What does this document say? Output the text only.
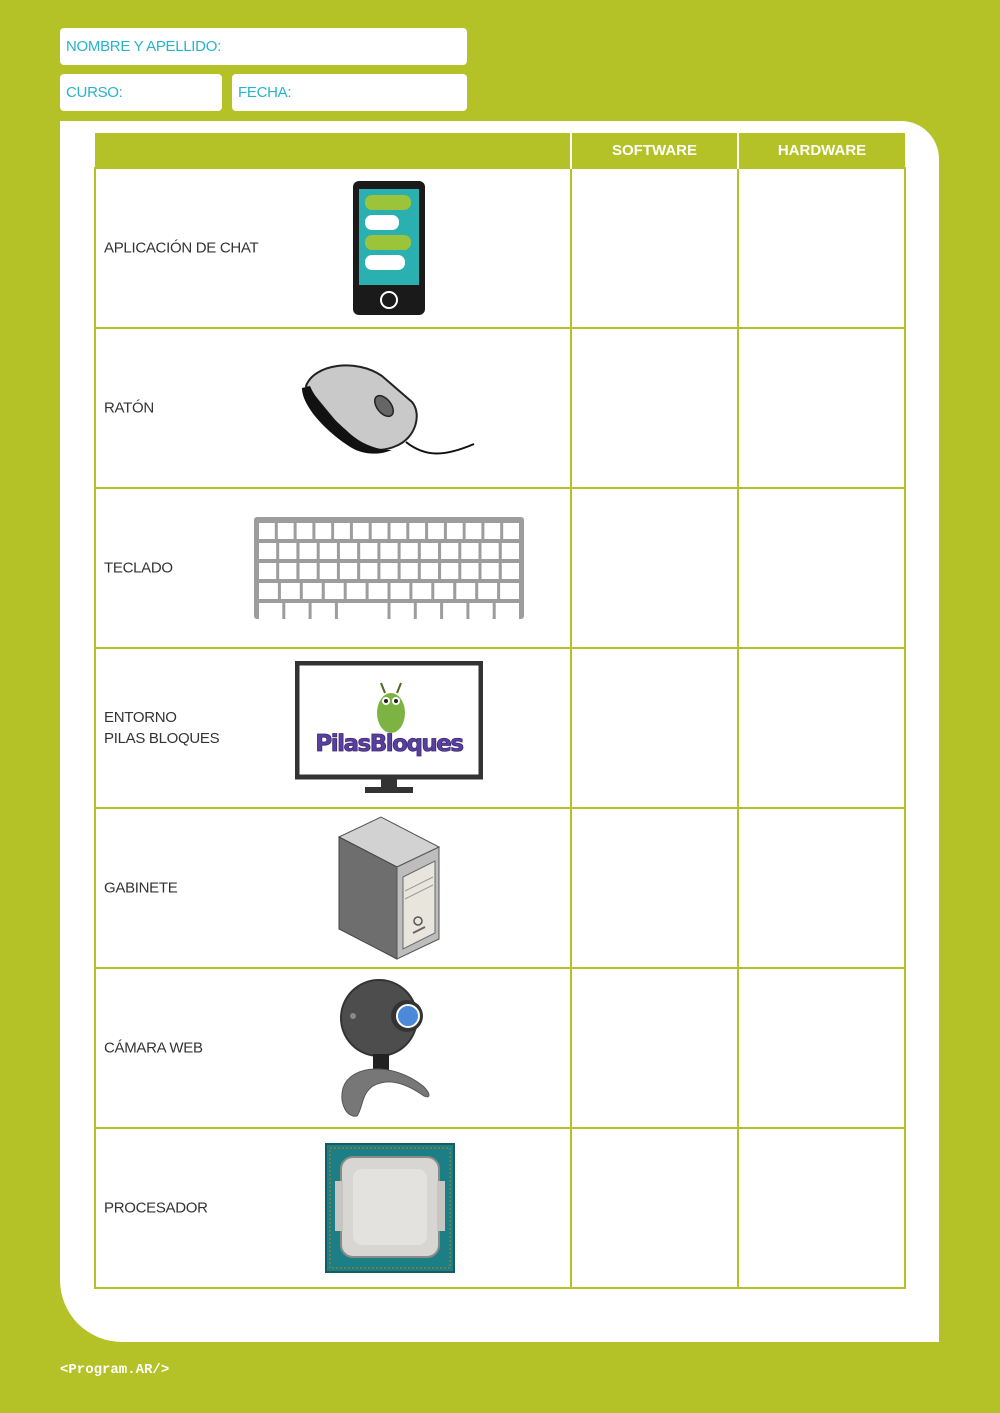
NOMBRE Y APELLIDO:
CURSO:	FECHA:
	SOFTWARE	HARDWARE

APLICACIÓN DE CHAT		

RATÓN		

TECLADO		

ENTORNO
PILAS BLOQUES PilasBloques		

GABINETE		

CÁMARA WEB		

PROCESADOR		

<Program.AR/>
